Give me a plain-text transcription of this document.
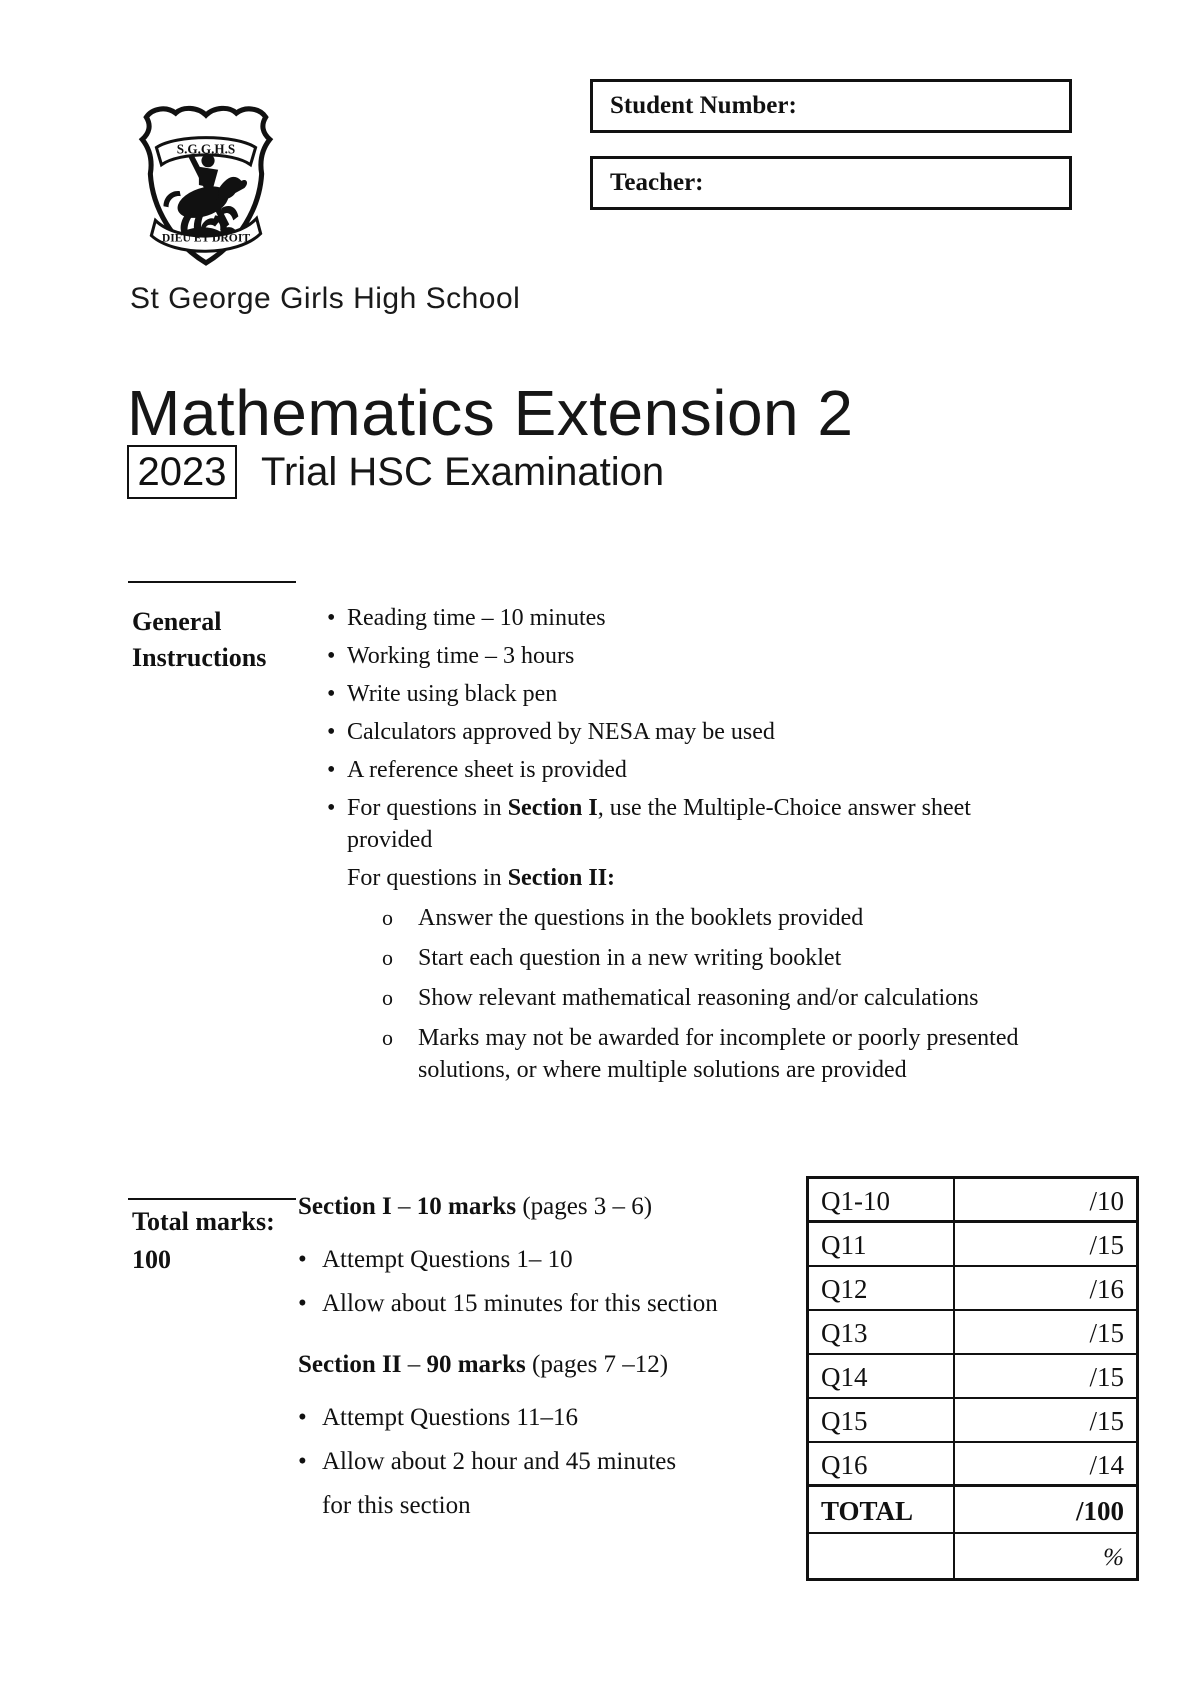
Student Number:
Teacher:
S.G.G.H.S
DIEU ET DROIT
St George Girls High School
Mathematics Extension 2
2023 Trial HSC Examination
General
Instructions
• Reading time – 10 minutes
• Working time – 3 hours
• Write using black pen
• Calculators approved by NESA may be used
• A reference sheet is provided
• For questions in Section I, use the Multiple-Choice answer sheet provided
For questions in Section II:
o	Answer the questions in the booklets provided
o	Start each question in a new writing booklet
o	Show relevant mathematical reasoning and/or calculations
o	Marks may not be awarded for incomplete or poorly presented solutions, or where multiple solutions are provided
Total marks:
100
Section I – 10 marks (pages 3 – 6)
• Attempt Questions 1– 10
• Allow about 15 minutes for this section
Section II – 90 marks (pages 7 –12)
• Attempt Questions 11–16
• Allow about 2 hour and 45 minutes
for this section
Q1-10	/10
Q11	/15
Q12	/16
Q13	/15
Q14	/15
Q15	/15
Q16	/14
TOTAL	/100
	%
